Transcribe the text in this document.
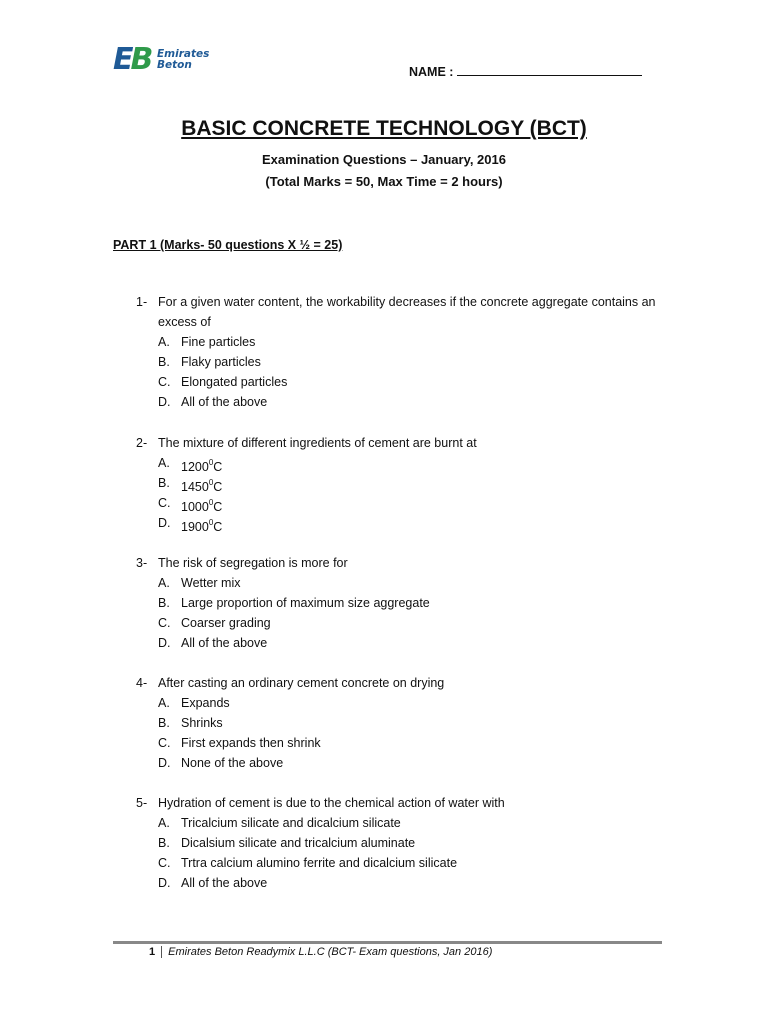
EB Emirates
Beton	NAME :
BASIC CONCRETE TECHNOLOGY (BCT)
Examination Questions – January, 2016
(Total Marks = 50, Max Time = 2 hours)
PART 1 (Marks- 50 questions X ½ = 25)
1- For a given water content, the workability decreases if the concrete aggregate contains an excess of
A. Fine particles
B. Flaky particles
C. Elongated particles
D. All of the above
2- The mixture of different ingredients of cement are burnt at
A. 1200$^0$C
B. 1450$^0$C
C. 1000$^0$C
D. 1900$^0$C
3- The risk of segregation is more for
A. Wetter mix
B. Large proportion of maximum size aggregate
C. Coarser grading
D. All of the above
4- After casting an ordinary cement concrete on drying
A. Expands
B. Shrinks
C. First expands then shrink
D. None of the above
5- Hydration of cement is due to the chemical action of water with
A. Tricalcium silicate and dicalcium silicate
B. Dicalsium silicate and tricalcium aluminate
C. Trtra calcium alumino ferrite and dicalcium silicate
D. All of the above
1 Emirates Beton Readymix L.L.C (BCT- Exam questions, Jan 2016)
